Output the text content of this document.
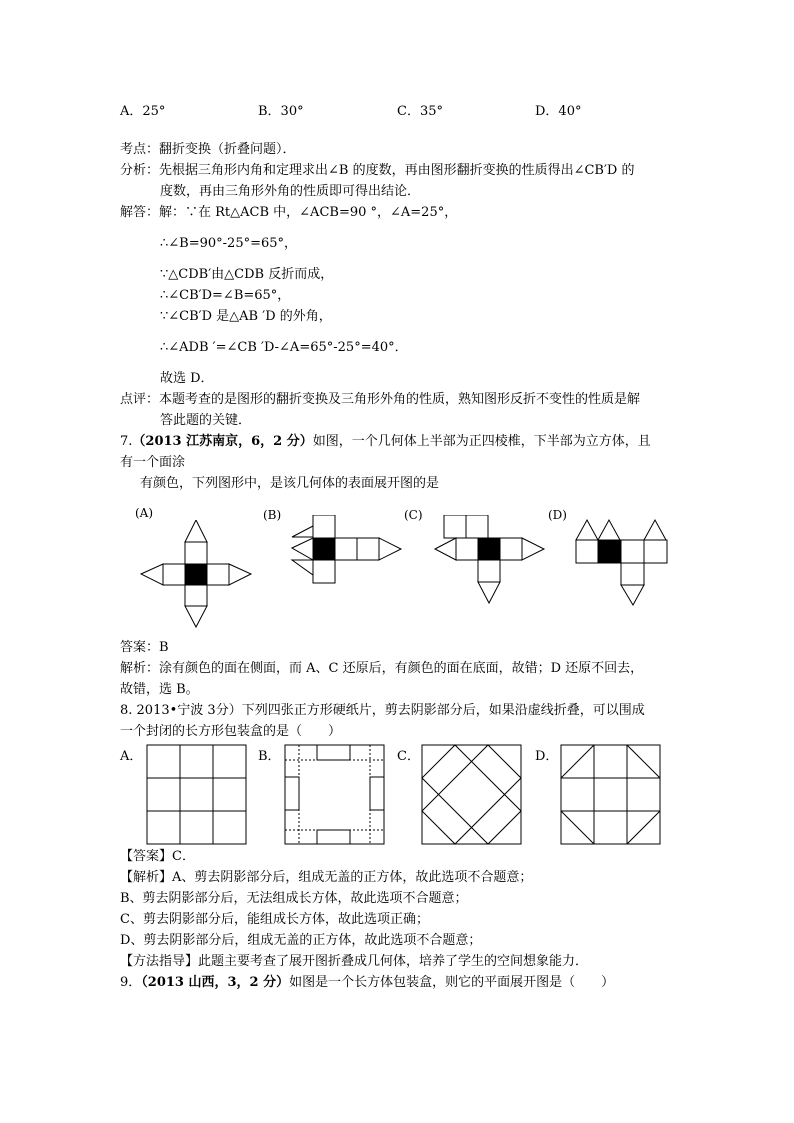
A．25°	B．30°	C．35°	D．40°
考点：翻折变换（折叠问题）．
分析：先根据三角形内角和定理求出∠B 的度数，再由图形翻折变换的性质得出∠CB′D 的
度数，再由三角形外角的性质即可得出结论．
解答：解：∵在 Rt△ACB 中，∠ACB=90 °，∠A=25°，
∴∠B=90°-25°=65°，
∵△CDB′由△CDB 反折而成，
∴∠CB′D=∠B=65°，
∵∠CB′D 是△AB ′D 的外角，
∴∠ADB ′=∠CB ′D-∠A=65°-25°=40°．
故选 D．
点评：本题考查的是图形的翻折变换及三角形外角的性质，熟知图形反折不变性的性质是解
答此题的关键．
7.（2013 江苏南京，6，2 分）如图，一个几何体上半部为正四棱椎，下半部为立方体，且
有一个面涂
有颜色，下列图形中，是该几何体的表面展开图的是
(A)	(B)	(C)	(D)
答案：B
解析：涂有颜色的面在侧面，而 A、C 还原后，有颜色的面在底面，故错；D 还原不回去，
故错，选 B。
8. 2013•宁波 3分）下列四张正方形硬纸片，剪去阴影部分后，如果沿虚线折叠，可以围成
一个封闭的长方形包装盒的是（　　）
A．	B．	C．	D．
【答案】C．
【解析】A、剪去阴影部分后，组成无盖的正方体，故此选项不合题意；
B、剪去阴影部分后，无法组成长方体，故此选项不合题意；
C、剪去阴影部分后，能组成长方体，故此选项正确；
D、剪去阴影部分后，组成无盖的正方体，故此选项不合题意；
【方法指导】此题主要考查了展开图折叠成几何体，培养了学生的空间想象能力．
9．（2013 山西，3，2 分）如图是一个长方体包装盒，则它的平面展开图是（　　）
